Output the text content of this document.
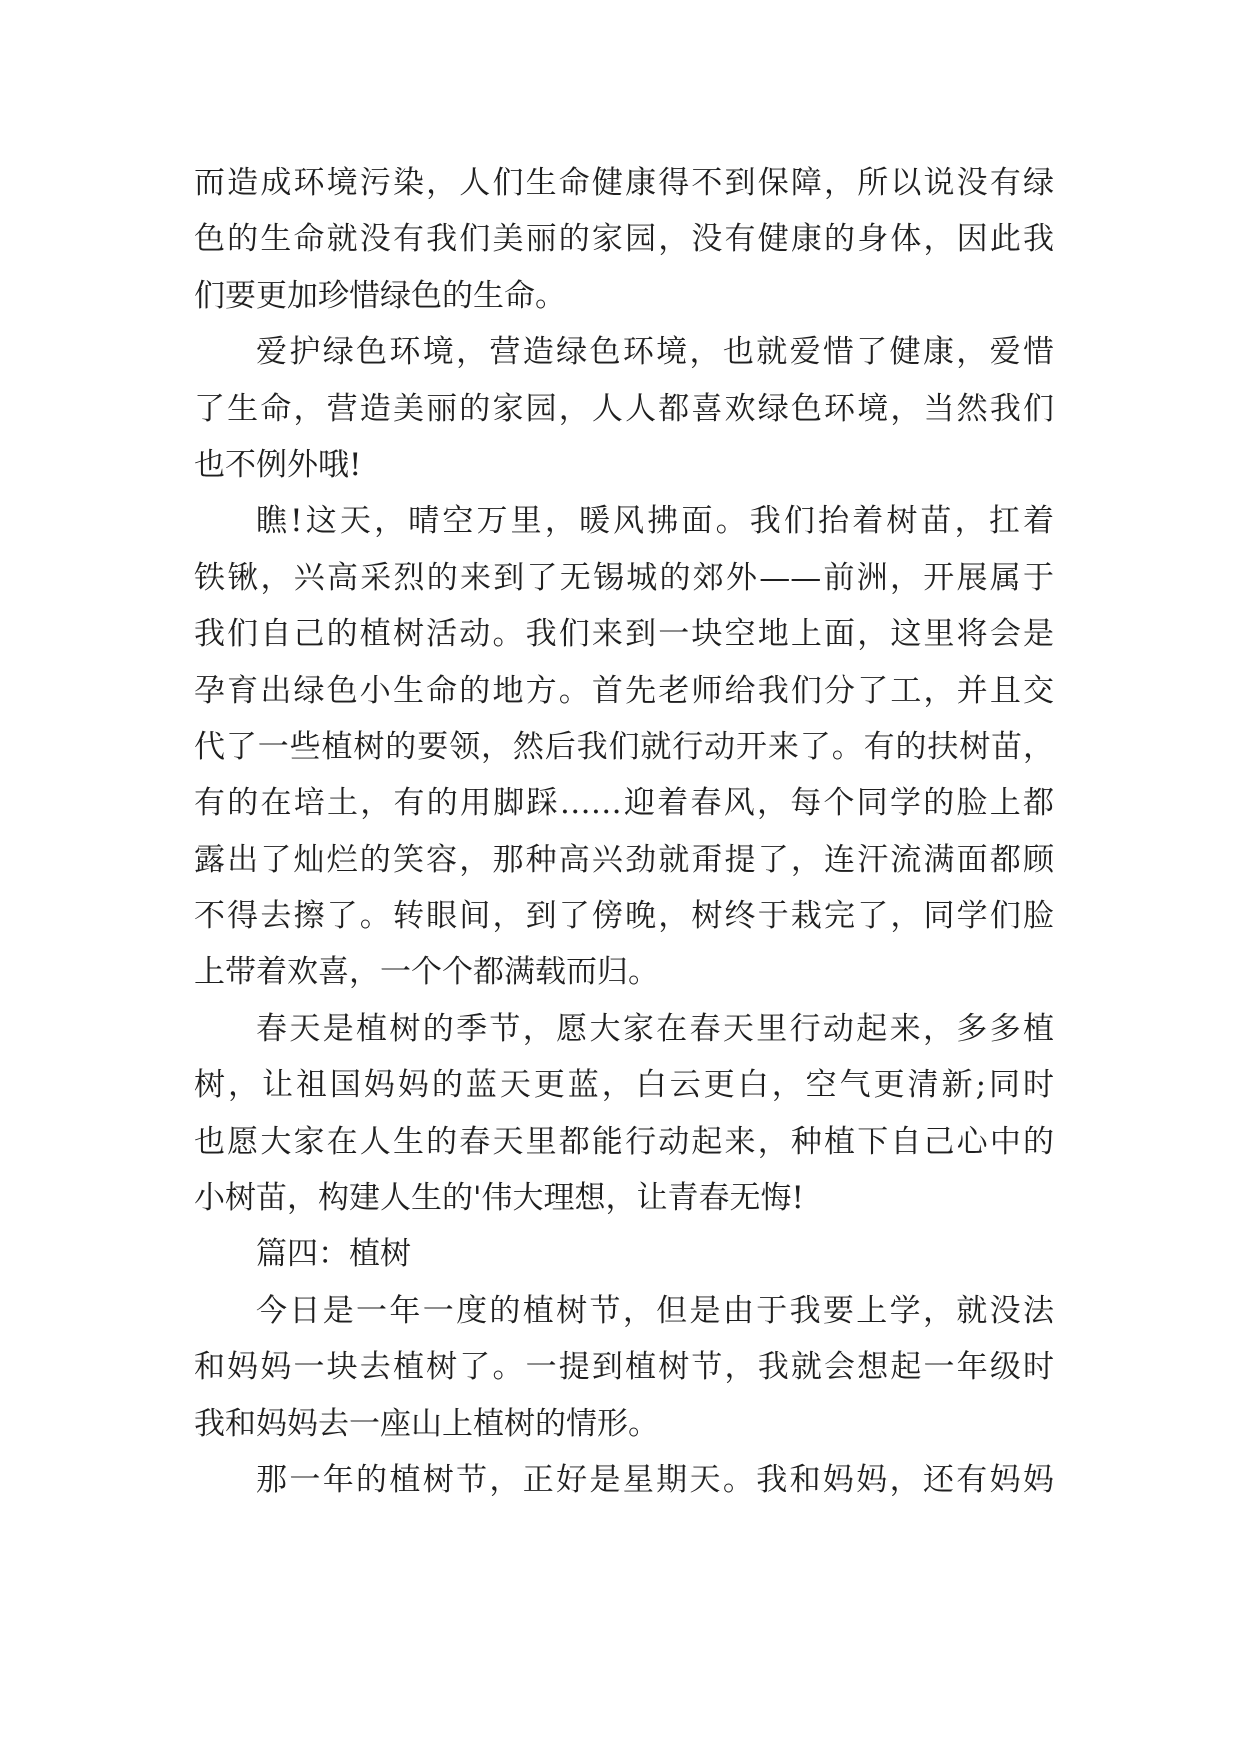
而造成环境污染，人们生命健康得不到保障，所以说没有绿
色的生命就没有我们美丽的家园，没有健康的身体，因此我
们要更加珍惜绿色的生命。
爱护绿色环境，营造绿色环境，也就爱惜了健康，爱惜
了生命，营造美丽的家园，人人都喜欢绿色环境，当然我们
也不例外哦!
瞧!这天，晴空万里，暖风拂面。我们抬着树苗，扛着
铁锹，兴高采烈的来到了无锡城的郊外——前洲，开展属于
我们自己的植树活动。我们来到一块空地上面，这里将会是
孕育出绿色小生命的地方。首先老师给我们分了工，并且交
代了一些植树的要领，然后我们就行动开来了。有的扶树苗，
有的在培土，有的用脚踩……迎着春风，每个同学的脸上都
露出了灿烂的笑容，那种高兴劲就甭提了，连汗流满面都顾
不得去擦了。转眼间，到了傍晚，树终于栽完了，同学们脸
上带着欢喜，一个个都满载而归。
春天是植树的季节，愿大家在春天里行动起来，多多植
树，让祖国妈妈的蓝天更蓝，白云更白，空气更清新;同时
也愿大家在人生的春天里都能行动起来，种植下自己心中的
小树苗，构建人生的'伟大理想，让青春无悔!
篇四：植树
今日是一年一度的植树节，但是由于我要上学，就没法
和妈妈一块去植树了。一提到植树节，我就会想起一年级时
我和妈妈去一座山上植树的情形。
那一年的植树节，正好是星期天。我和妈妈，还有妈妈
